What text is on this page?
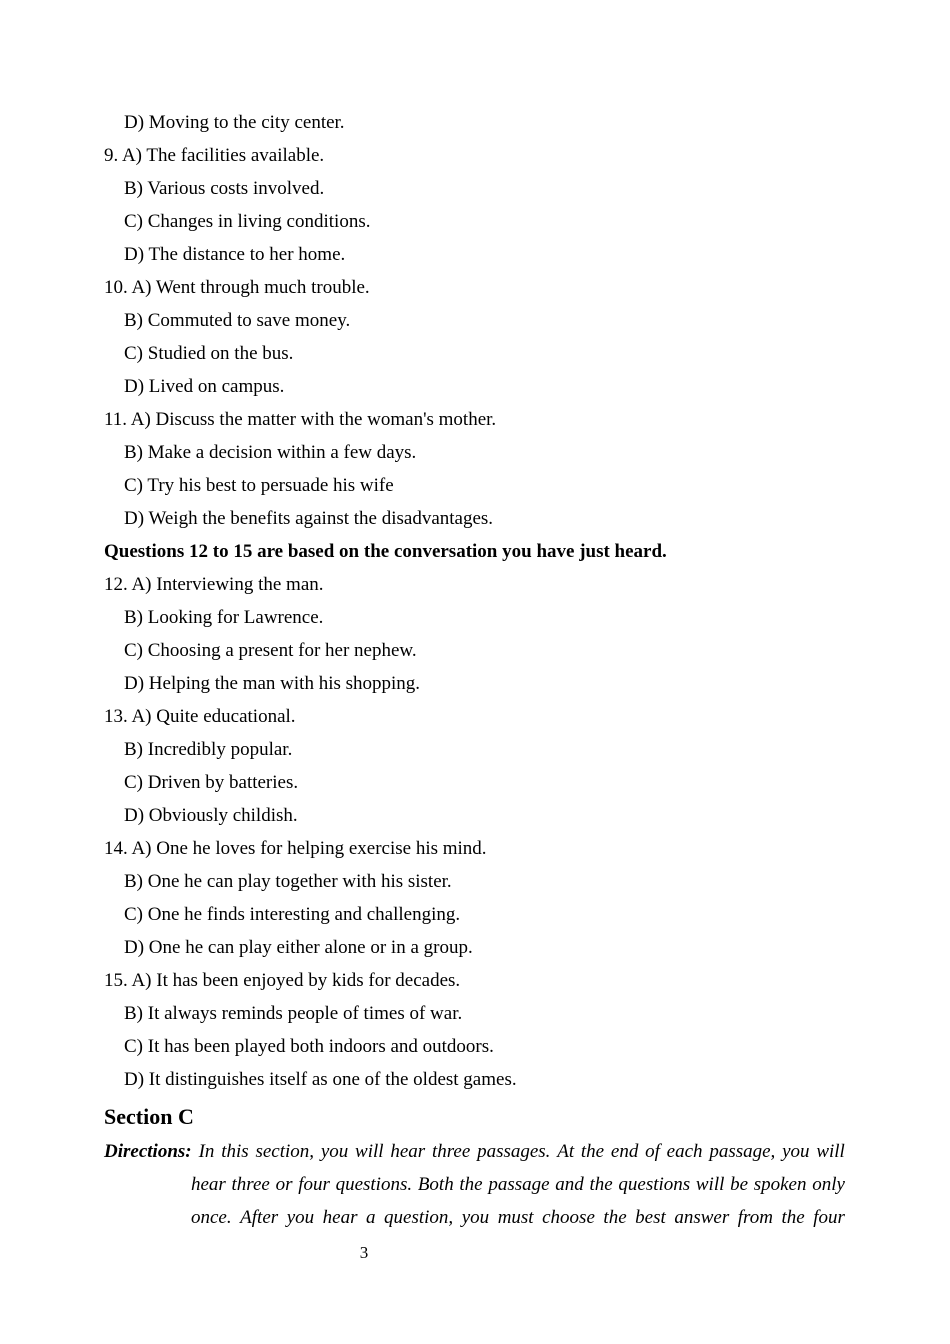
D) Moving to the city center.
9. A) The facilities available.
B) Various costs involved.
C) Changes in living conditions.
D) The distance to her home.
10. A) Went through much trouble.
B) Commuted to save money.
C) Studied on the bus.
D) Lived on campus.
11. A) Discuss the matter with the woman's mother.
B) Make a decision within a few days.
C) Try his best to persuade his wife
D) Weigh the benefits against the disadvantages.
Questions 12 to 15 are based on the conversation you have just heard.
12. A) Interviewing the man.
B) Looking for Lawrence.
C) Choosing a present for her nephew.
D) Helping the man with his shopping.
13. A) Quite educational.
B) Incredibly popular.
C) Driven by batteries.
D) Obviously childish.
14. A) One he loves for helping exercise his mind.
B) One he can play together with his sister.
C) One he finds interesting and challenging.
D) One he can play either alone or in a group.
15. A) It has been enjoyed by kids for decades.
B) It always reminds people of times of war.
C) It has been played both indoors and outdoors.
D) It distinguishes itself as one of the oldest games.
Section C
Directions: In this section, you will hear three passages. At the end of each passage, you will
hear three or four questions. Both the passage and the questions will be spoken only
once. After you hear a question, you must choose the best answer from the four
3
